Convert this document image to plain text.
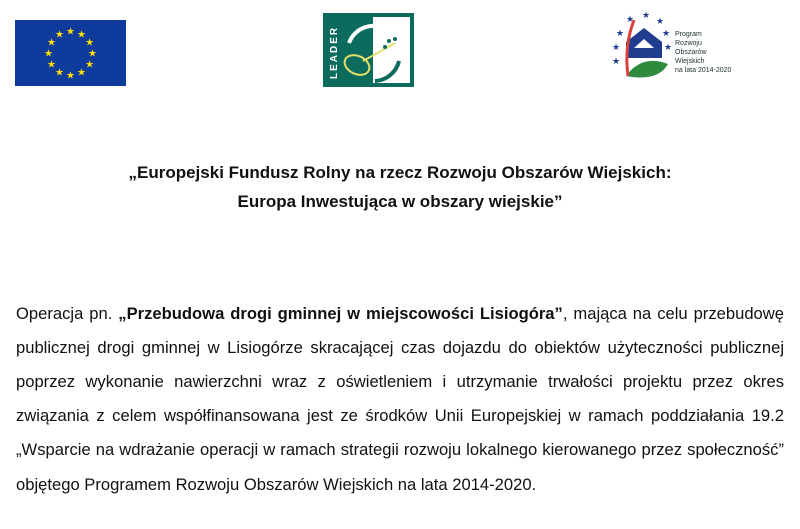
★ ★
★
★
★
★
★
★
★
★
★
★	LEADER	★
★
★
★ ★
★
★
★
Program
Rozwoju
Obszarów
Wiejskich
na lata 2014-2020
„Europejski Fundusz Rolny na rzecz Rozwoju Obszarów Wiejskich:
Europa Inwestująca w obszary wiejskie”

Operacja pn. „Przebudowa drogi gminnej w miejscowości Lisiogóra”, mająca na celu przebudowę publicznej drogi gminnej w Lisiogórze skracającej czas dojazdu do obiektów użyteczności publicznej poprzez wykonanie nawierzchni wraz z oświetleniem i utrzymanie trwałości projektu przez okres związania z celem współfinansowana jest ze środków Unii Europejskiej w ramach poddziałania 19.2 „Wsparcie na wdrażanie operacji w ramach strategii rozwoju lokalnego kierowanego przez społeczność” objętego Programem Rozwoju Obszarów Wiejskich na lata 2014-2020.
